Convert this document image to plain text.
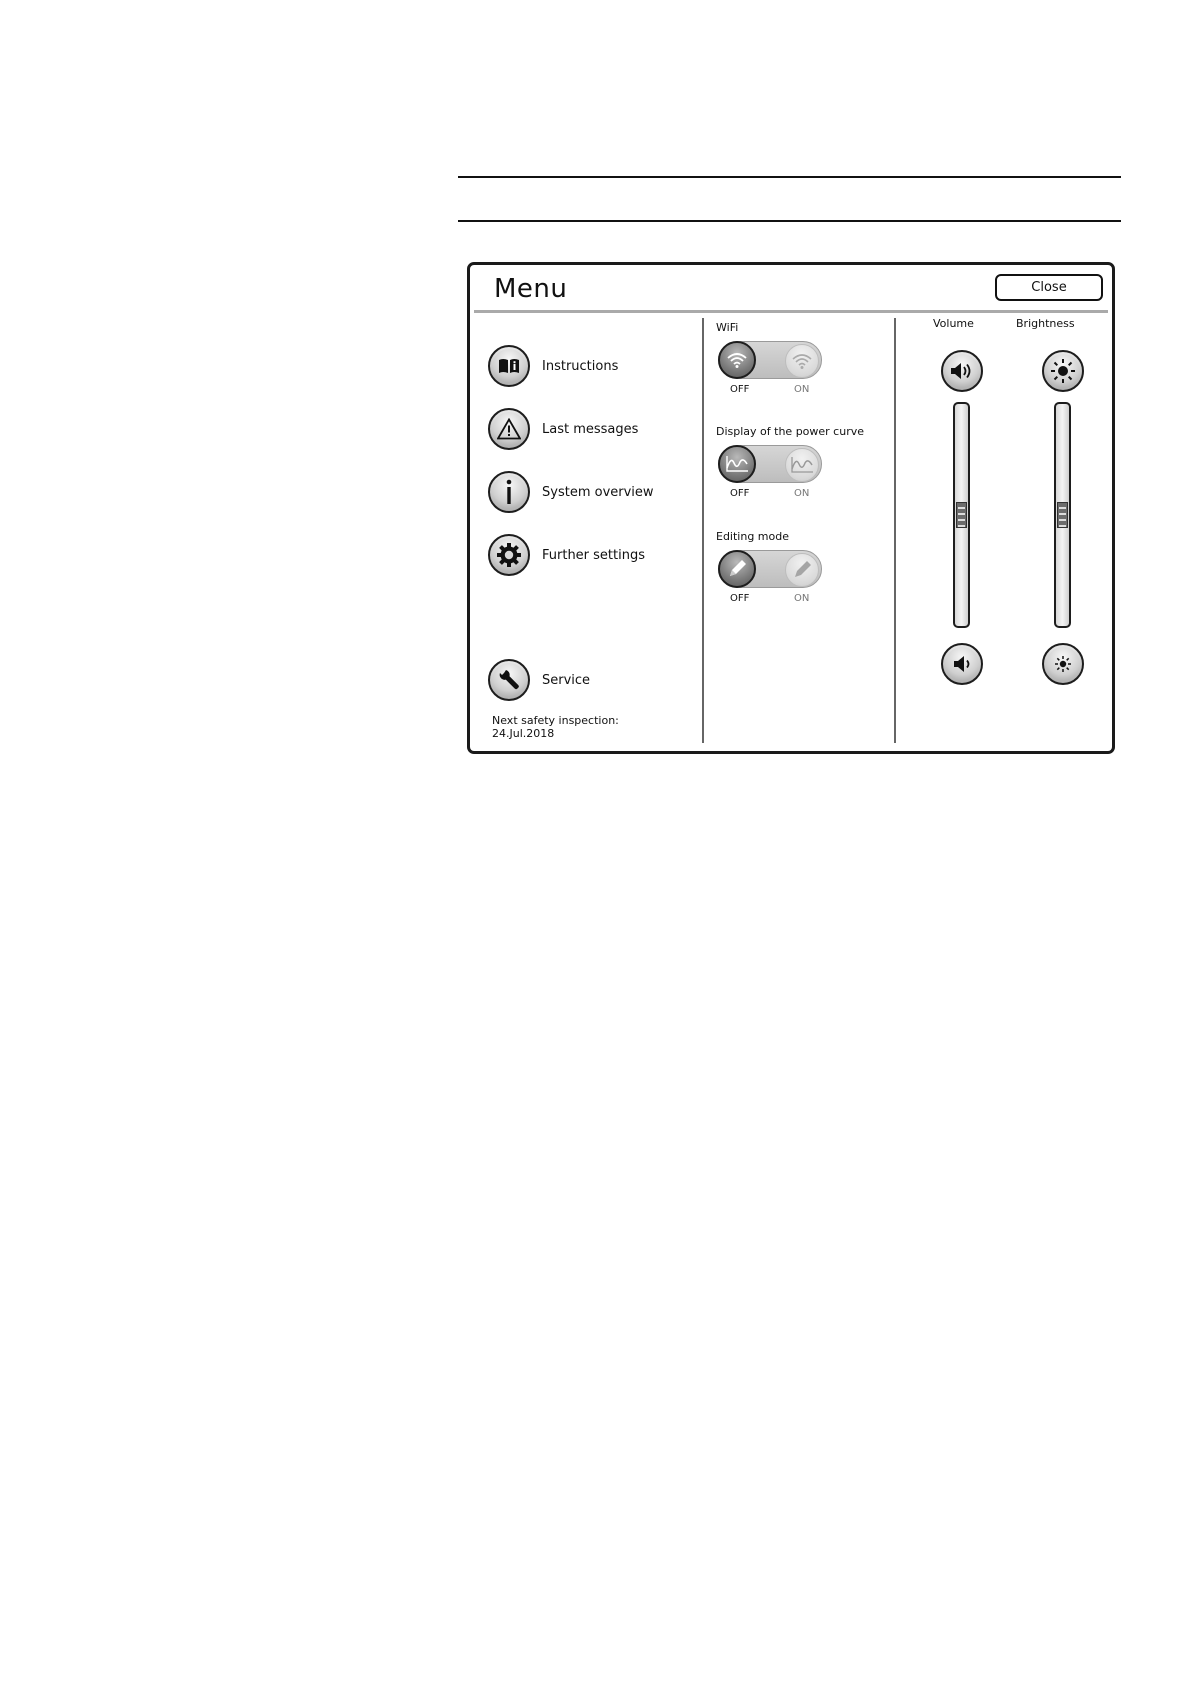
Menu	Close
Instructions
Last messages
System overview
Further settings
Service
Next safety inspection:
24.Jul.2018
WiFi
OFF	ON
Display of the power curve
OFF	ON
Editing mode
OFF	ON
Volume	Brightness
